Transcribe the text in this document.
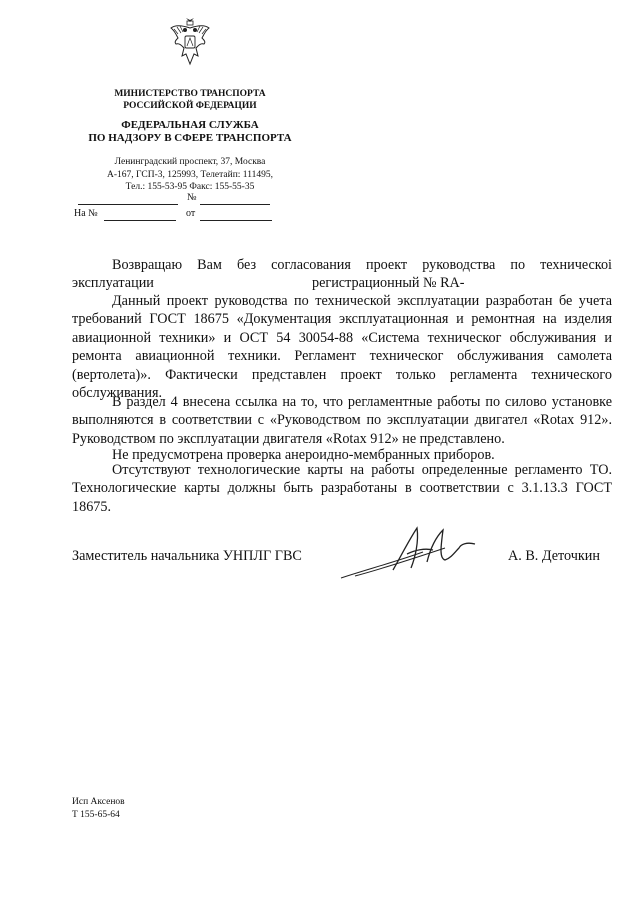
МИНИСТЕРСТВО ТРАНСПОРТА
РОССИЙСКОЙ ФЕДЕРАЦИИ
ФЕДЕРАЛЬНАЯ СЛУЖБА
ПО НАДЗОРУ В СФЕРЕ ТРАНСПОРТА
Ленинградский проспект, 37, Москва
А-167, ГСП-3, 125993, Телетайп: 111495,
Тел.: 155-53-95 Факс: 155-55-35
№
На №	от

Возвращаю Вам без согласования проект руководства по техническоі

эксплуатации	регистрационный № RA-

Данный проект руководства по технической эксплуатации разработан бе учета требований ГОСТ 18675 «Документация эксплуатационная и ремонтная на изделия авиационной техники» и ОСТ 54 30054-88 «Система техническог обслуживания и ремонта авиационной техники. Регламент техническог обслуживания самолета (вертолета)». Фактически представлен проект только регламента технического обслуживания.

В раздел 4 внесена ссылка на то, что регламентные работы по силово установке выполняются в соответствии с «Руководством по эксплуатации двигател «Rotax 912». Руководством по эксплуатации двигателя «Rotax 912» не представлено.

Не предусмотрена проверка анероидно-мембранных приборов.

Отсутствуют технологические карты на работы определенные регламенто ТО. Технологические карты должны быть разработаны в соответствии с 3.1.13.3 ГОСТ 18675.

Заместитель начальника УНПЛГ ГВС	А. В. Деточкин
Исп Аксенов
Т 155-65-64
